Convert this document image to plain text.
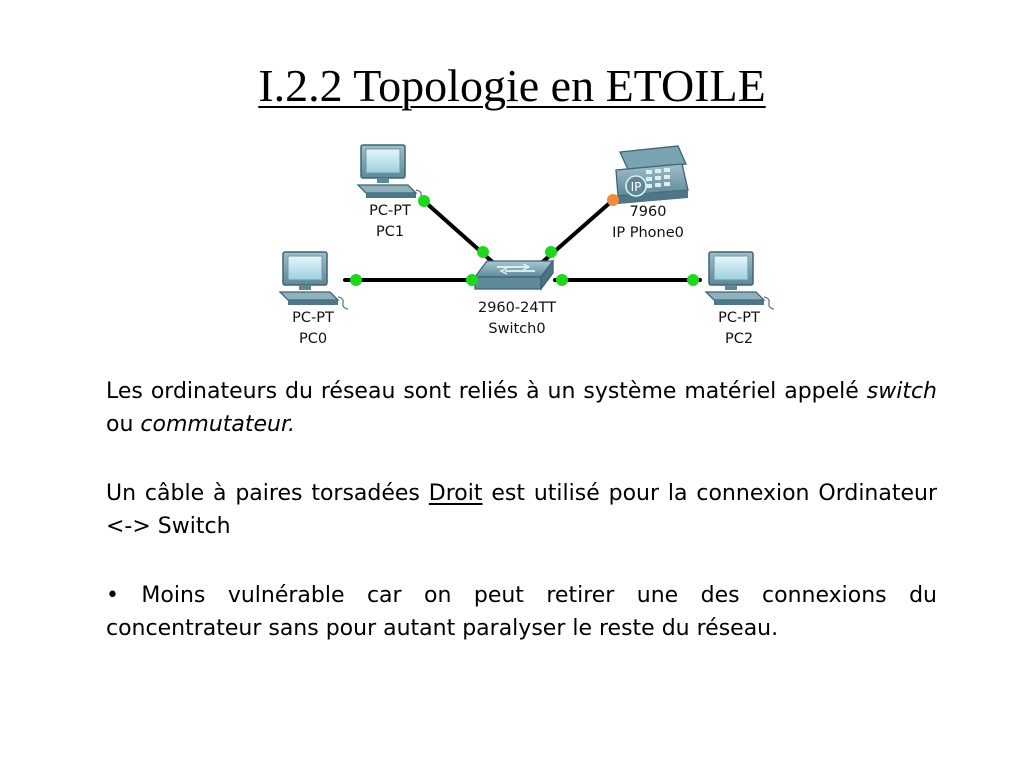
I.2.2 Topologie en ETOILE
PC-PT
PC1
IP
7960
IP Phone0
PC-PT
PC0
2960-24TT
Switch0
PC-PT
PC2

Les ordinateurs du réseau sont reliés à un système matériel appelé switch ou commutateur.

Un câble à paires torsadées Droit est utilisé pour la connexion Ordinateur <-> Switch

• Moins vulnérable car on peut retirer une des connexions du concentrateur sans pour autant paralyser le reste du réseau.
